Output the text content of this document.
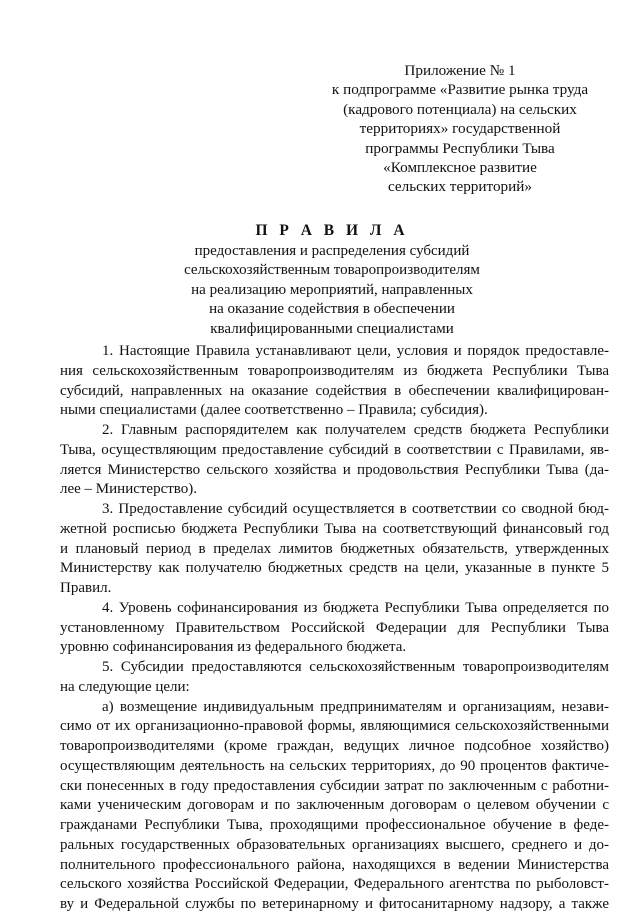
Приложение № 1
к подпрограмме «Развитие рынка труда
(кадрового потенциала) на сельских
территориях» государственной
программы Республики Тыва
«Комплексное развитие
сельских территорий»
П Р А В И Л А
предоставления и распределения субсидий
сельскохозяйственным товаропроизводителям
на реализацию мероприятий, направленных
на оказание содействия в обеспечении
квалифицированными специалистами
1. Настоящие Правила устанавливают цели, условия и порядок предоставле-
ния сельскохозяйственным товаропроизводителям из бюджета Республики Тыва
субсидий, направленных на оказание содействия в обеспечении квалифицирован-
ными специалистами (далее соответственно – Правила; субсидия).
2. Главным распорядителем как получателем средств бюджета Республики
Тыва, осуществляющим предоставление субсидий в соответствии с Правилами, яв-
ляется Министерство сельского хозяйства и продовольствия Республики Тыва (да-
лее – Министерство).
3. Предоставление субсидий осуществляется в соответствии со сводной бюд-
жетной росписью бюджета Республики Тыва на соответствующий финансовый год
и плановый период в пределах лимитов бюджетных обязательств, утвержденных
Министерству как получателю бюджетных средств на цели, указанные в пункте 5
Правил.
4. Уровень софинансирования из бюджета Республики Тыва определяется по
установленному Правительством Российской Федерации для Республики Тыва
уровню софинансирования из федерального бюджета.
5. Субсидии предоставляются сельскохозяйственным товаропроизводителям
на следующие цели:
а) возмещение индивидуальным предпринимателям и организациям, незави-
симо от их организационно-правовой формы, являющимися сельскохозяйственными
товаропроизводителями (кроме граждан, ведущих личное подсобное хозяйство)
осуществляющим деятельность на сельских территориях, до 90 процентов фактиче-
ски понесенных в году предоставления субсидии затрат по заключенным с работни-
ками ученическим договорам и по заключенным договорам о целевом обучении с
гражданами Республики Тыва, проходящими профессиональное обучение в феде-
ральных государственных образовательных организациях высшего, среднего и до-
полнительного профессионального района, находящихся в ведении Министерства
сельского хозяйства Российской Федерации, Федерального агентства по рыболовст-
ву и Федеральной службы по ветеринарному и фитосанитарному надзору, а также
